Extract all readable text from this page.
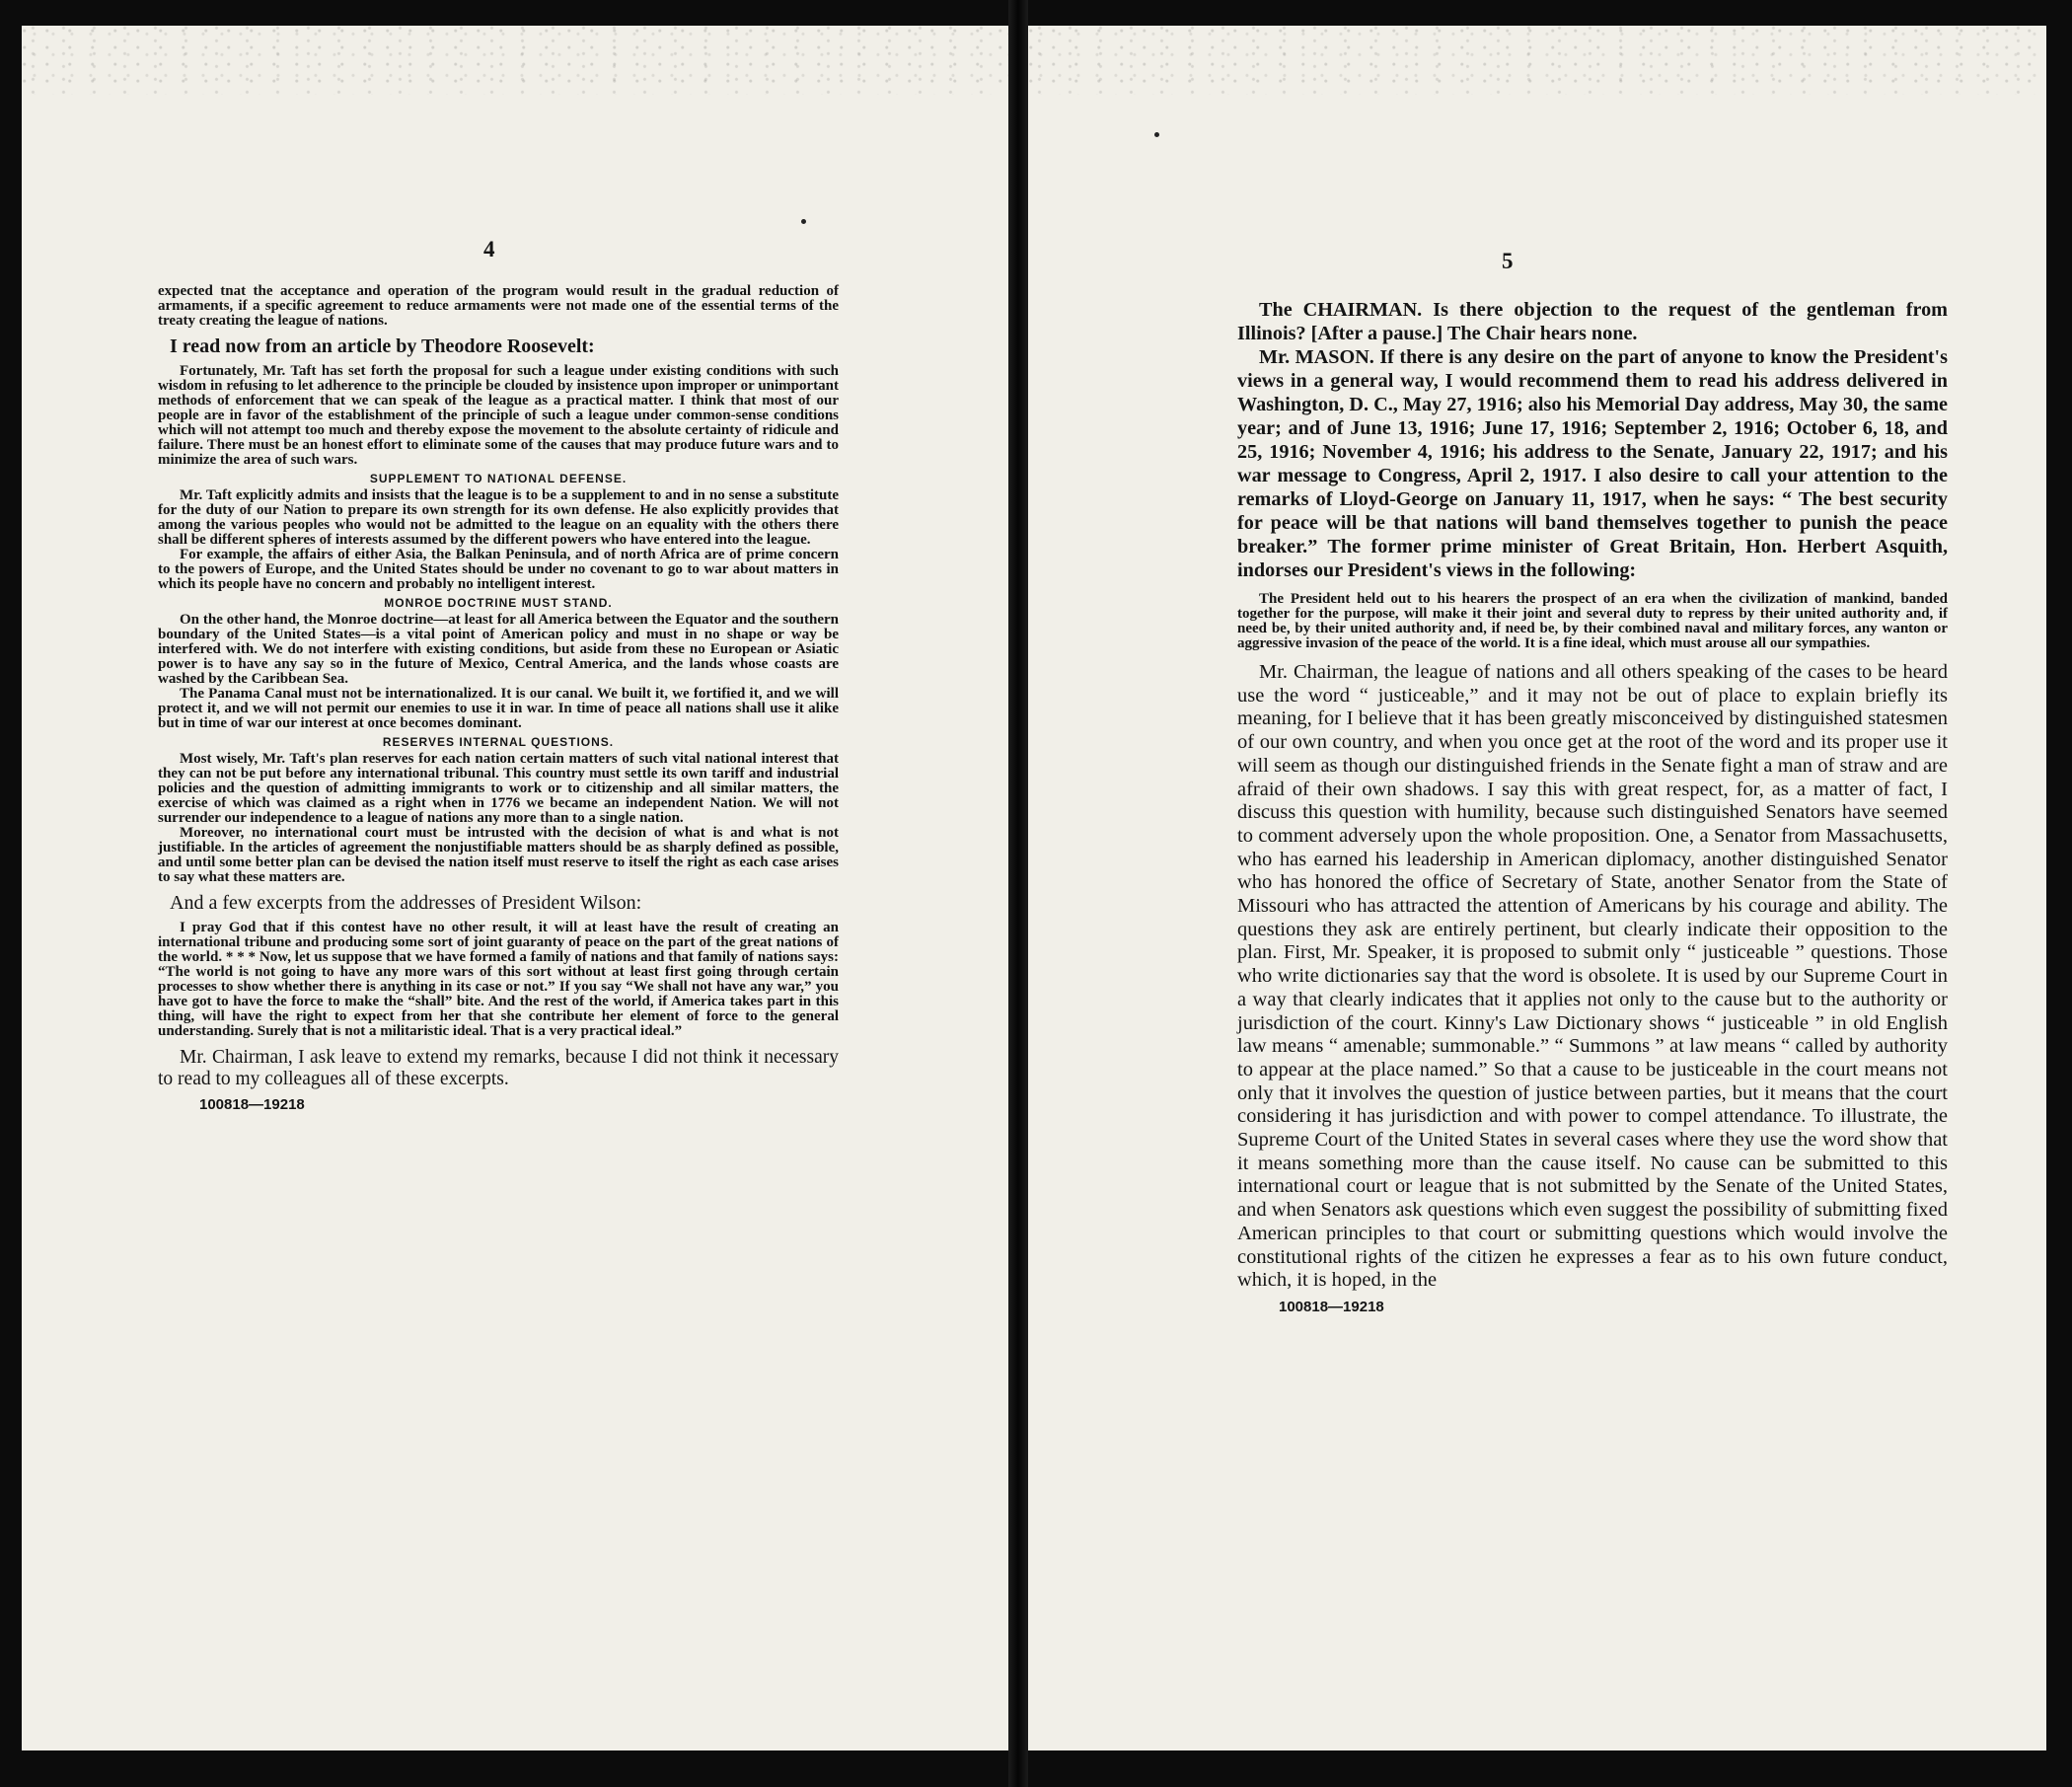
4

expected tnat the acceptance and operation of the program would result in the gradual reduction of armaments, if a specific agreement to reduce armaments were not made one of the essential terms of the treaty creating the league of nations.

I read now from an article by Theodore Roosevelt:

Fortunately, Mr. Taft has set forth the proposal for such a league under existing conditions with such wisdom in refusing to let adherence to the principle be clouded by insistence upon improper or unimportant methods of enforcement that we can speak of the league as a practical matter. I think that most of our people are in favor of the establishment of the principle of such a league under common-sense conditions which will not attempt too much and thereby expose the movement to the absolute certainty of ridicule and failure. There must be an honest effort to eliminate some of the causes that may produce future wars and to minimize the area of such wars.

SUPPLEMENT TO NATIONAL DEFENSE.

Mr. Taft explicitly admits and insists that the league is to be a supplement to and in no sense a substitute for the duty of our Nation to prepare its own strength for its own defense. He also explicitly provides that among the various peoples who would not be admitted to the league on an equality with the others there shall be different spheres of interests assumed by the different powers who have entered into the league.

For example, the affairs of either Asia, the Balkan Peninsula, and of north Africa are of prime concern to the powers of Europe, and the United States should be under no covenant to go to war about matters in which its people have no concern and probably no intelligent interest.

MONROE DOCTRINE MUST STAND.

On the other hand, the Monroe doctrine—at least for all America between the Equator and the southern boundary of the United States—is a vital point of American policy and must in no shape or way be interfered with. We do not interfere with existing conditions, but aside from these no European or Asiatic power is to have any say so in the future of Mexico, Central America, and the lands whose coasts are washed by the Caribbean Sea.

The Panama Canal must not be internationalized. It is our canal. We built it, we fortified it, and we will protect it, and we will not permit our enemies to use it in war. In time of peace all nations shall use it alike but in time of war our interest at once becomes dominant.

RESERVES INTERNAL QUESTIONS.

Most wisely, Mr. Taft's plan reserves for each nation certain matters of such vital national interest that they can not be put before any international tribunal. This country must settle its own tariff and industrial policies and the question of admitting immigrants to work or to citizenship and all similar matters, the exercise of which was claimed as a right when in 1776 we became an independent Nation. We will not surrender our independence to a league of nations any more than to a single nation.

Moreover, no international court must be intrusted with the decision of what is and what is not justifiable. In the articles of agreement the nonjustifiable matters should be as sharply defined as possible, and until some better plan can be devised the nation itself must reserve to itself the right as each case arises to say what these matters are.

And a few excerpts from the addresses of President Wilson:

I pray God that if this contest have no other result, it will at least have the result of creating an international tribune and producing some sort of joint guaranty of peace on the part of the great nations of the world. * * * Now, let us suppose that we have formed a family of nations and that family of nations says: “The world is not going to have any more wars of this sort without at least first going through certain processes to show whether there is anything in its case or not.” If you say “We shall not have any war,” you have got to have the force to make the “shall” bite. And the rest of the world, if America takes part in this thing, will have the right to expect from her that she contribute her element of force to the general understanding. Surely that is not a militaristic ideal. That is a very practical ideal.”

Mr. Chairman, I ask leave to extend my remarks, because I did not think it necessary to read to my colleagues all of these excerpts.

100818—19218
5

The CHAIRMAN. Is there objection to the request of the gentleman from Illinois? [After a pause.] The Chair hears none.

Mr. MASON. If there is any desire on the part of anyone to know the President's views in a general way, I would recommend them to read his address delivered in Washington, D. C., May 27, 1916; also his Memorial Day address, May 30, the same year; and of June 13, 1916; June 17, 1916; September 2, 1916; October 6, 18, and 25, 1916; November 4, 1916; his address to the Senate, January 22, 1917; and his war message to Congress, April 2, 1917. I also desire to call your attention to the remarks of Lloyd-George on January 11, 1917, when he says: “ The best security for peace will be that nations will band themselves together to punish the peace breaker.” The former prime minister of Great Britain, Hon. Herbert Asquith, indorses our President's views in the following:

The President held out to his hearers the prospect of an era when the civilization of mankind, banded together for the purpose, will make it their joint and several duty to repress by their united authority and, if need be, by their united authority and, if need be, by their combined naval and military forces, any wanton or aggressive invasion of the peace of the world. It is a fine ideal, which must arouse all our sympathies.

Mr. Chairman, the league of nations and all others speaking of the cases to be heard use the word “ justiceable,” and it may not be out of place to explain briefly its meaning, for I believe that it has been greatly misconceived by distinguished statesmen of our own country, and when you once get at the root of the word and its proper use it will seem as though our distinguished friends in the Senate fight a man of straw and are afraid of their own shadows. I say this with great respect, for, as a matter of fact, I discuss this question with humility, because such distinguished Senators have seemed to comment adversely upon the whole proposition. One, a Senator from Massachusetts, who has earned his leadership in American diplomacy, another distinguished Senator who has honored the office of Secretary of State, another Senator from the State of Missouri who has attracted the attention of Americans by his courage and ability. The questions they ask are entirely pertinent, but clearly indicate their opposition to the plan. First, Mr. Speaker, it is proposed to submit only “ justiceable ” questions. Those who write dictionaries say that the word is obsolete. It is used by our Supreme Court in a way that clearly indicates that it applies not only to the cause but to the authority or jurisdiction of the court. Kinny's Law Dictionary shows “ justiceable ” in old English law means “ amenable; summonable.” “ Summons ” at law means “ called by authority to appear at the place named.” So that a cause to be justiceable in the court means not only that it involves the question of justice between parties, but it means that the court considering it has jurisdiction and with power to compel attendance. To illustrate, the Supreme Court of the United States in several cases where they use the word show that it means something more than the cause itself. No cause can be submitted to this international court or league that is not submitted by the Senate of the United States, and when Senators ask questions which even suggest the possibility of submitting fixed American principles to that court or submitting questions which would involve the constitutional rights of the citizen he expresses a fear as to his own future conduct, which, it is hoped, in the

100818—19218
